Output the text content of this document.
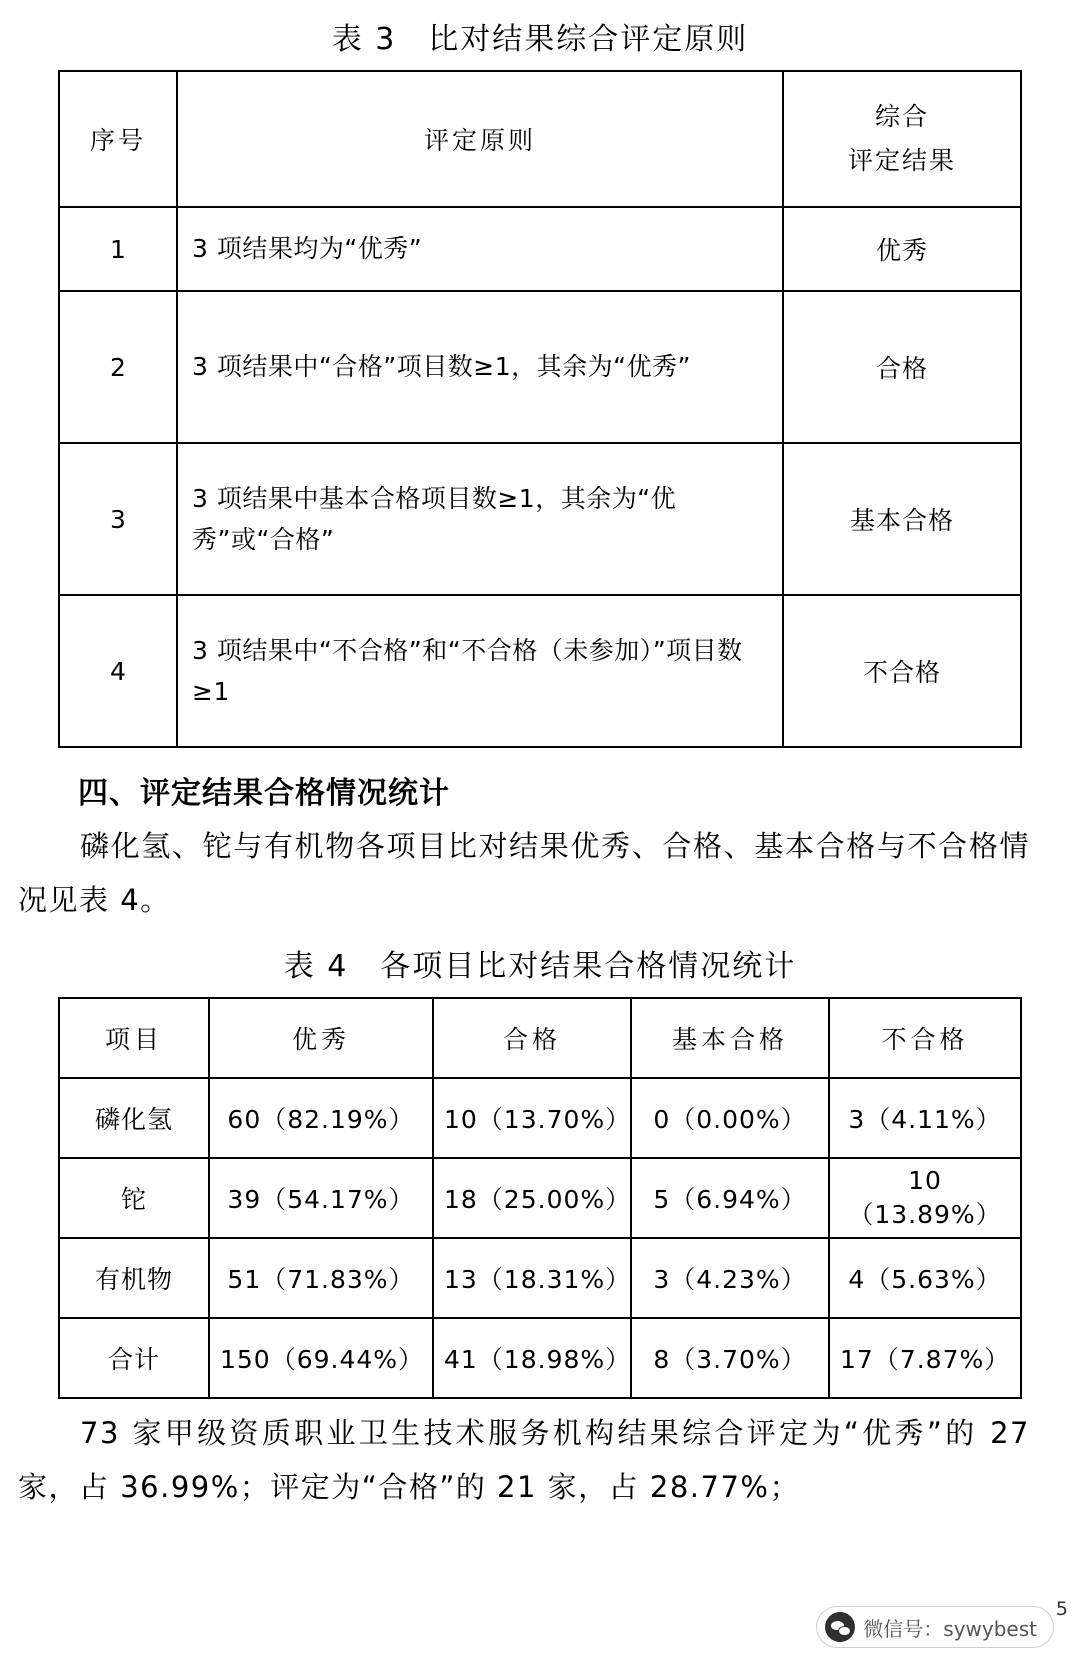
表 3　比对结果综合评定原则
序号	评定原则	综合
评定结果

1	3 项结果均为“优秀”	优秀
2	3 项结果中“合格”项目数≥1，其余为“优秀”	合格
3	3 项结果中基本合格项目数≥1，其余为“优秀”或“合格”	基本合格
4	3 项结果中“不合格”和“不合格（未参加）”项目数≥1	不合格
四、评定结果合格情况统计
磷化氢、铊与有机物各项目比对结果优秀、合格、基本合格与不合格情况见表 4。
表 4　各项目比对结果合格情况统计
项目	优秀	合格	基本合格	不合格
磷化氢	60（82.19%）	10（13.70%）	0（0.00%）	3（4.11%）
铊	39（54.17%）	18（25.00%）	5（6.94%）	10（13.89%）
有机物	51（71.83%）	13（18.31%）	3（4.23%）	4（5.63%）
合计	150（69.44%）	41（18.98%）	8（3.70%）	17（7.87%）
73 家甲级资质职业卫生技术服务机构结果综合评定为“优秀”的 27 家，占 36.99%；评定为“合格”的 21 家，占 28.77%；
5
微信号：sywybest
